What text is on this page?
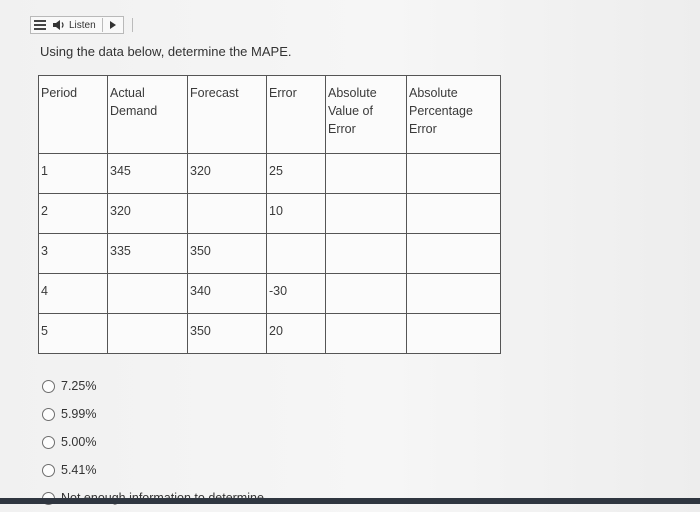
Listen
Using the data below, determine the MAPE.
Period	Actual Demand	Forecast	Error	Absolute Value of Error	Absolute Percentage Error
1	345	320	25		
2	320		10		
3	335	350			
4		340	-30		
5		350	20		
7.25%
5.99%
5.00%
5.41%
